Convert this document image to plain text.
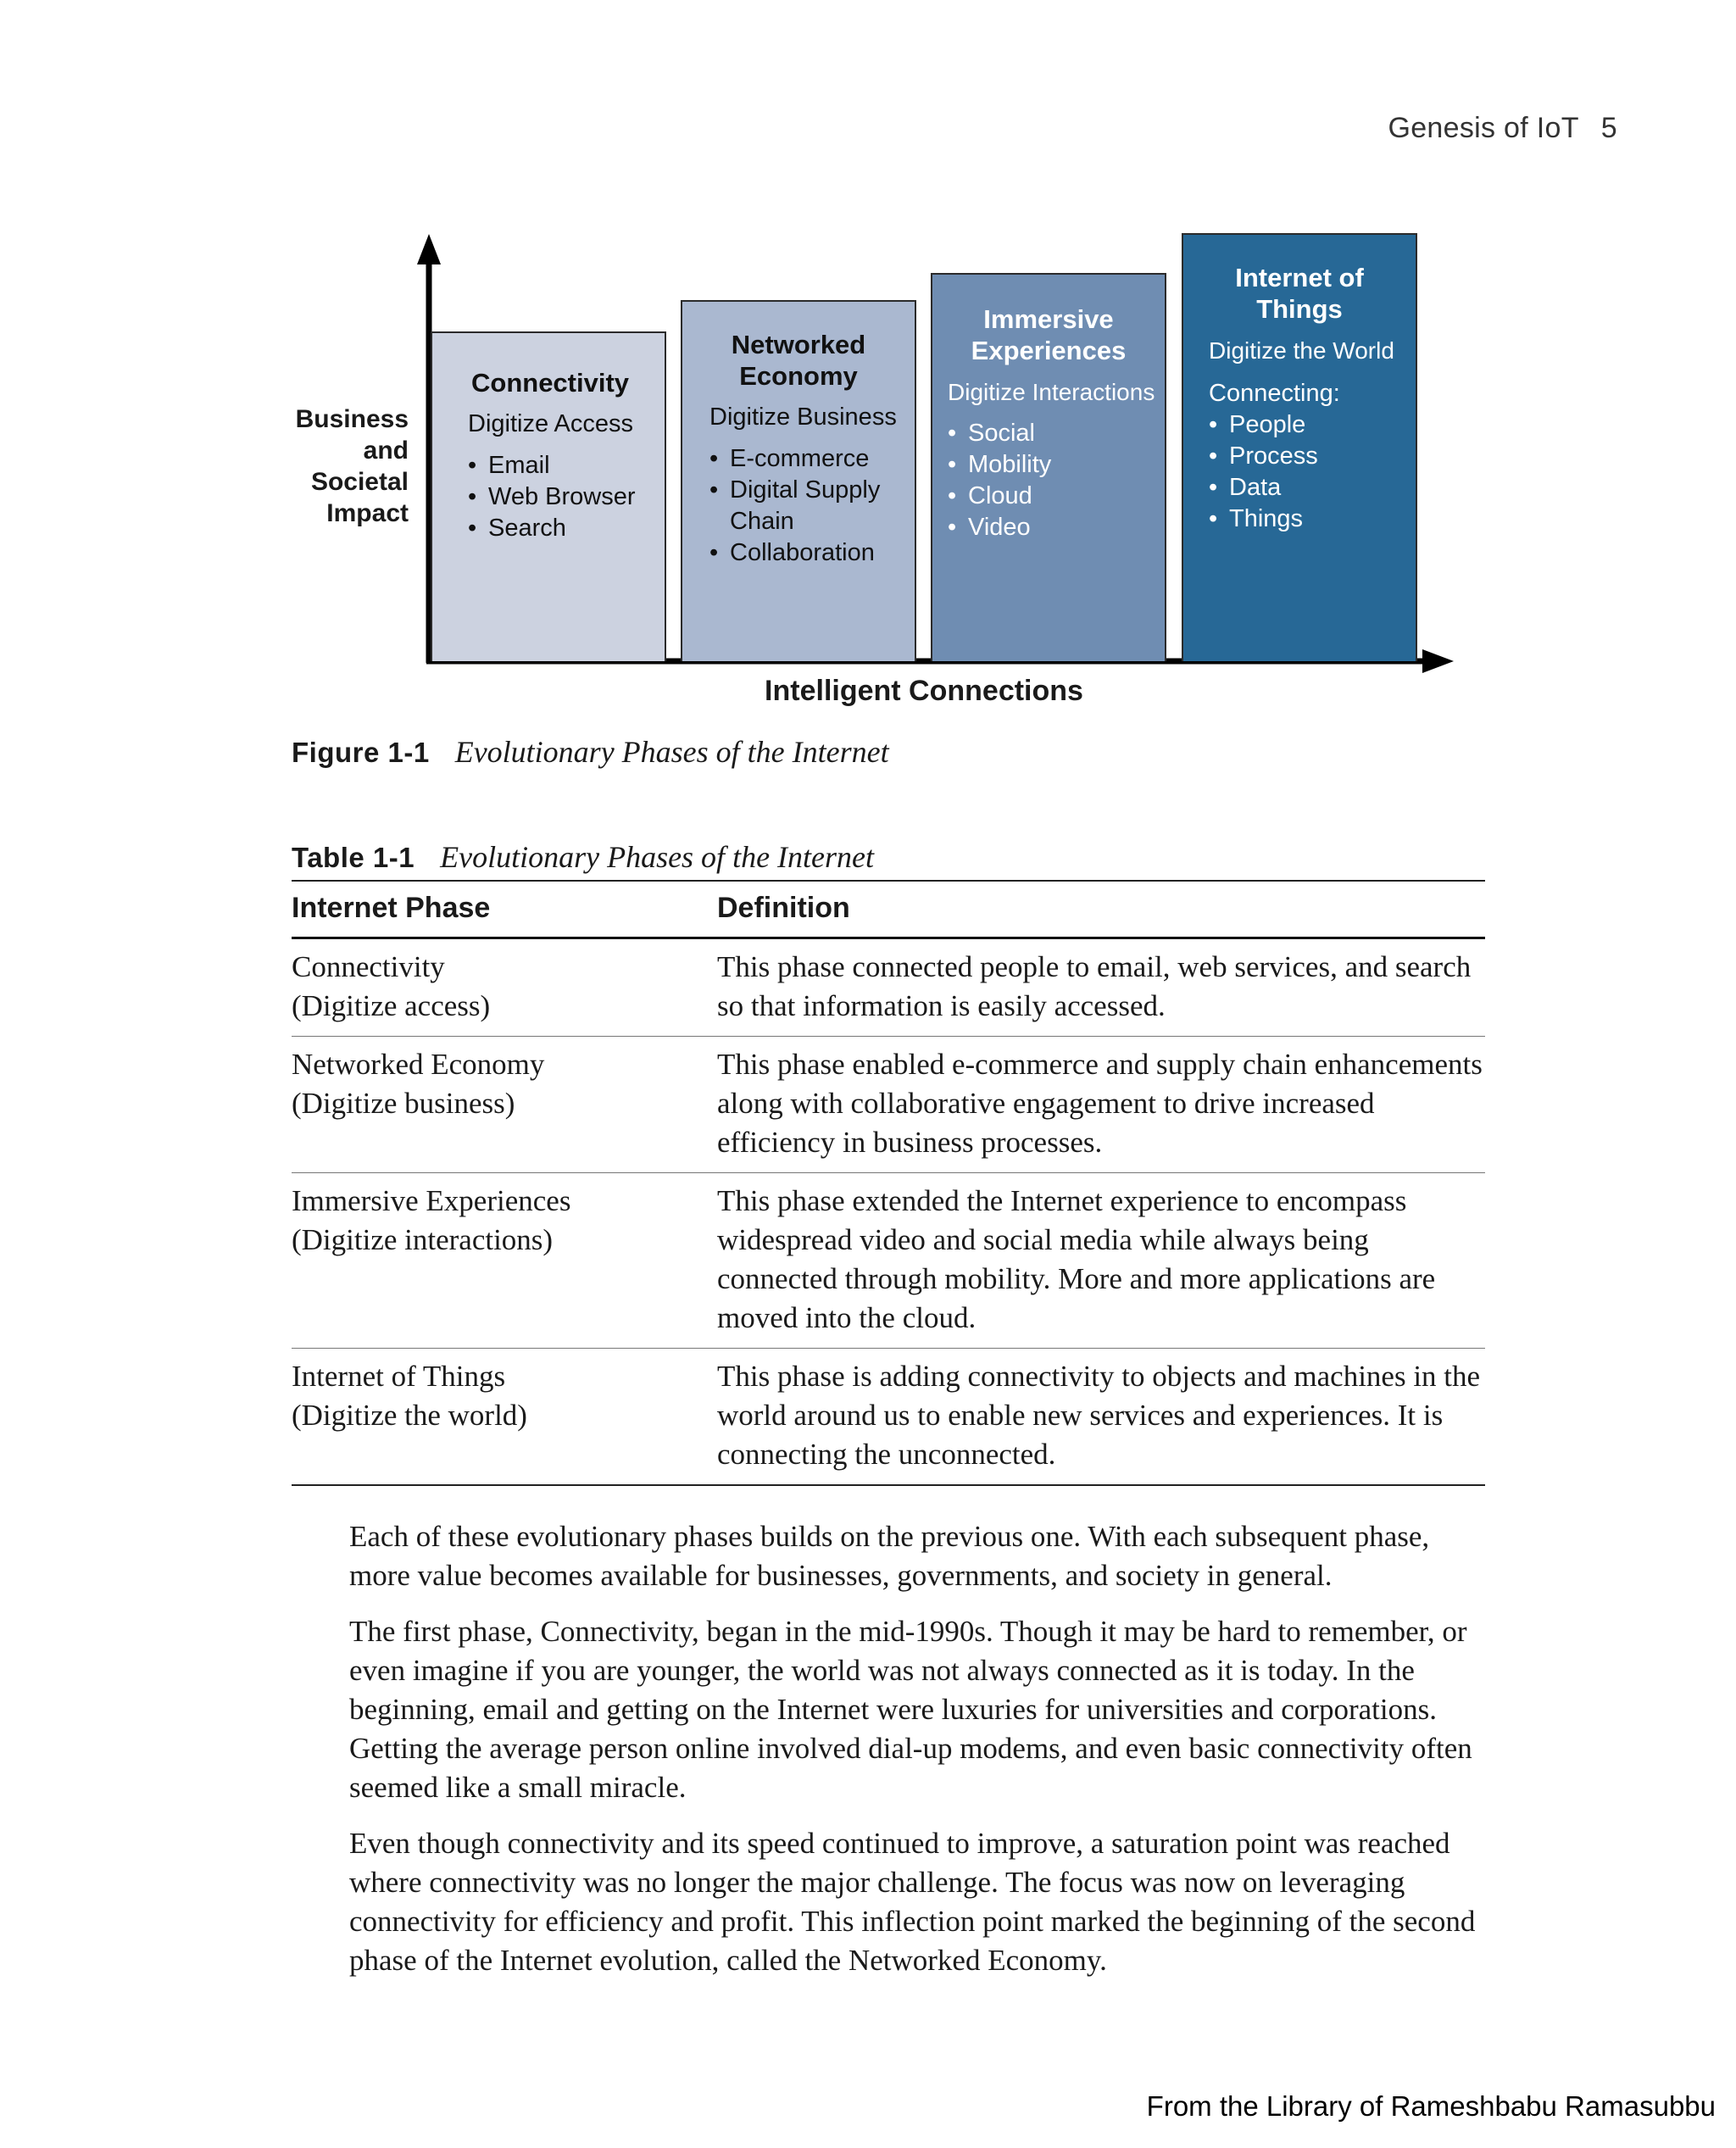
Genesis of IoT 5
Business
and
Societal
Impact
Connectivity
Digitize Access
• Email
• Web Browser
• Search
Networked
Economy
Digitize Business
• E-commerce
• Digital Supply Chain
• Collaboration
Immersive
Experiences
Digitize Interactions
• Social
• Mobility
• Cloud
• Video
Internet of
Things
Digitize the World
Connecting:
• People
• Process
• Data
• Things
Intelligent Connections
Figure 1-1 Evolutionary Phases of the Internet
Table 1-1 Evolutionary Phases of the Internet
Internet Phase	Definition

Connectivity
(Digitize access)	This phase connected people to email, web services, and search so that information is easily accessed.

Networked Economy
(Digitize business)	This phase enabled e-commerce and supply chain enhancements along with collaborative engagement to drive increased efficiency in business processes.

Immersive Experiences
(Digitize interactions)	This phase extended the Internet experience to encompass widespread video and social media while always being connected through mobility. More and more applications are moved into the cloud.

Internet of Things
(Digitize the world)	This phase is adding connectivity to objects and machines in the world around us to enable new services and experiences. It is connecting the unconnected.

Each of these evolutionary phases builds on the previous one. With each subsequent phase, more value becomes available for businesses, governments, and society in general.

The first phase, Connectivity, began in the mid-1990s. Though it may be hard to remember, or even imagine if you are younger, the world was not always connected as it is today. In the beginning, email and getting on the Internet were luxuries for universities and corporations. Getting the average person online involved dial-up modems, and even basic connectivity often seemed like a small miracle.

Even though connectivity and its speed continued to improve, a saturation point was reached where connectivity was no longer the major challenge. The focus was now on leveraging connectivity for efficiency and profit. This inflection point marked the beginning of the second phase of the Internet evolution, called the Networked Economy.

From the Library of Rameshbabu Ramasubbu
